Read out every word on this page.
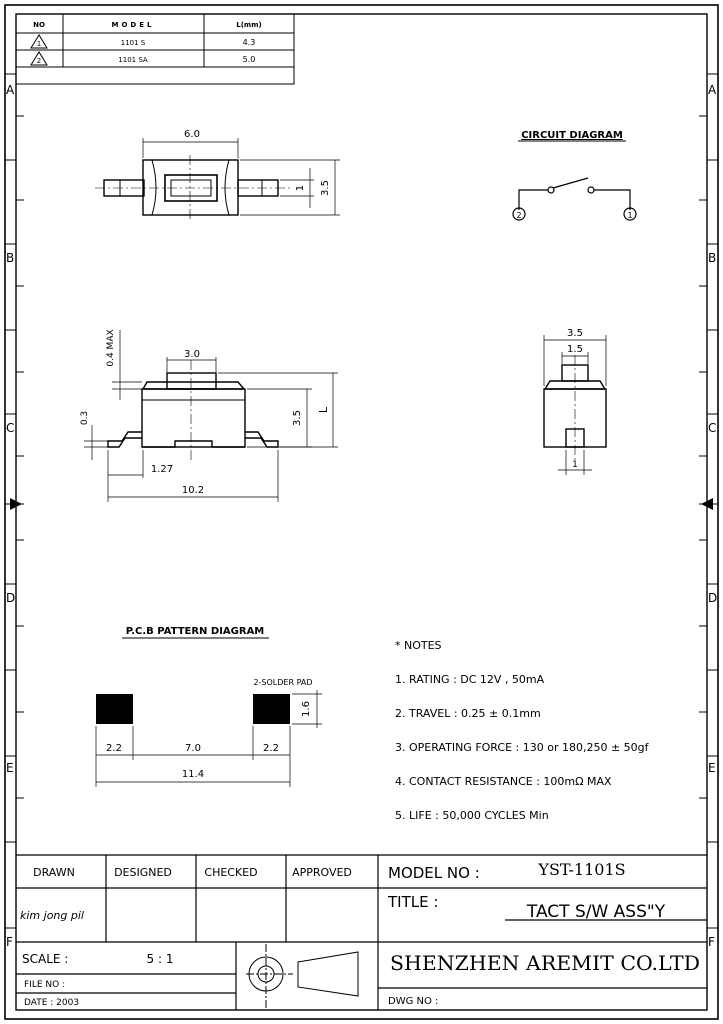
A
B
C
D
E
F
A
B
C
D
E
F
NO	MODEL	L(mm)
1	1101 S	4.3
2	1101 SA	5.0
6.0
3.5
1
CIRCUIT DIAGRAM
2	1
0.4 MAX	3.0
0.3	3.5
L
1.27
10.2
3.5
1.5
1
P.C.B PATTERN DIAGRAM
2-SOLDER PAD
1.6
2.2	7.0	2.2
11.4
* NOTES
1. RATING : DC 12V , 50mA
2. TRAVEL : 0.25 ± 0.1mm
3. OPERATING FORCE : 130 or 180,250 ± 50gf
4. CONTACT RESISTANCE : 100mΩ MAX
5. LIFE : 50,000 CYCLES Min
DRAWN	DESIGNED	CHECKED	APPROVED
kim jong pil
SCALE :	5 : 1
FILE NO :
DATE : 2003
MODEL NO :	YST-1101S
TITLE :	TACT S/W ASS"Y
SHENZHEN AREMIT CO.LTD
DWG NO :
